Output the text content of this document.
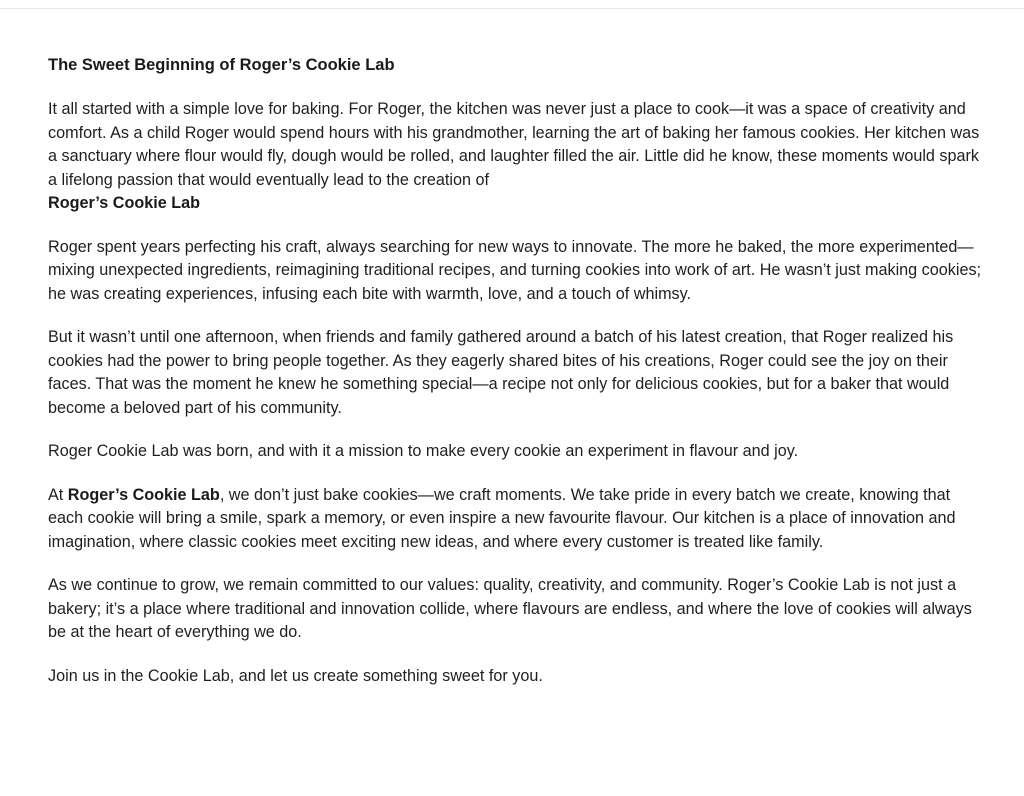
The Sweet Beginning of Roger’s Cookie Lab

It all started with a simple love for baking. For Roger, the kitchen was never just a place to cook—it was a space of creativity and comfort. As a child Roger would spend hours with his grandmother, learning the art of baking her famous cookies. Her kitchen was a sanctuary where flour would fly, dough would be rolled, and laughter filled the air. Little did he know, these moments would spark a lifelong passion that would eventually lead to the creation of
Roger’s Cookie Lab

Roger spent years perfecting his craft, always searching for new ways to innovate. The more he baked, the more experimented—mixing unexpected ingredients, reimagining traditional recipes, and turning cookies into work of art. He wasn’t just making cookies; he was creating experiences, infusing each bite with warmth, love, and a touch of whimsy.

But it wasn’t until one afternoon, when friends and family gathered around a batch of his latest creation, that Roger realized his cookies had the power to bring people together. As they eagerly shared bites of his creations, Roger could see the joy on their faces. That was the moment he knew he something special—a recipe not only for delicious cookies, but for a baker that would become a beloved part of his community.

Roger Cookie Lab was born, and with it a mission to make every cookie an experiment in flavour and joy.

At Roger’s Cookie Lab, we don’t just bake cookies—we craft moments. We take pride in every batch we create, knowing that each cookie will bring a smile, spark a memory, or even inspire a new favourite flavour. Our kitchen is a place of innovation and imagination, where classic cookies meet exciting new ideas, and where every customer is treated like family.

As we continue to grow, we remain committed to our values: quality, creativity, and community. Roger’s Cookie Lab is not just a bakery; it’s a place where traditional and innovation collide, where flavours are endless, and where the love of cookies will always be at the heart of everything we do.

Join us in the Cookie Lab, and let us create something sweet for you.
